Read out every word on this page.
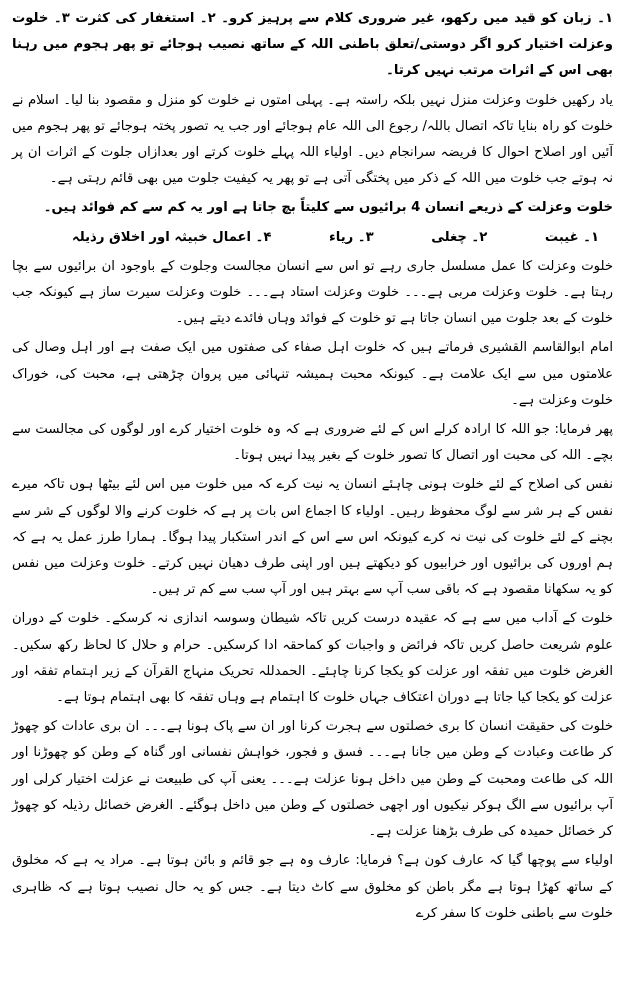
۱۔ زبان کو قید میں رکھو، غیر ضروری کلام سے پرہیز کرو۔ ۲۔ استغفار کی کثرت ۳۔ خلوت وعزلت اختیار کرو اگر دوستی/تعلق باطنی اللہ کے ساتھ نصیب ہوجائے تو پھر ہجوم میں رہنا بھی اس کے اثرات مرتب نہیں کرتا۔

یاد رکھیں خلوت وعزلت منزل نہیں بلکہ راستہ ہے۔ پہلی امتوں نے خلوت کو منزل و مقصود بنا لیا۔ اسلام نے خلوت کو راہ بنایا تاکہ اتصال باللہ/ رجوع الی اللہ عام ہوجائے اور جب یہ تصور پختہ ہوجائے تو پھر ہجوم میں آئیں اور اصلاح احوال کا فریضہ سرانجام دیں۔ اولیاء اللہ پہلے خلوت کرتے اور بعدازاں جلوت کے اثرات ان پر نہ ہوتے جب خلوت میں اللہ کے ذکر میں پختگی آتی ہے تو پھر یہ کیفیت جلوت میں بھی قائم رہتی ہے۔

خلوت وعزلت کے ذریعے انسان 4 برائیوں سے کلیتاً بچ جاتا ہے اور یہ کم سے کم فوائد ہیں۔

۱۔ غیبت
۲۔ چغلی
۳۔ ریاء
۴۔ اعمال خبیثہ اور اخلاق رذیلہ

خلوت وعزلت کا عمل مسلسل جاری رہے تو اس سے انسان مجالست وجلوت کے باوجود ان برائیوں سے بچا رہتا ہے۔ خلوت وعزلت مربی ہے۔۔۔ خلوت وعزلت استاد ہے۔۔۔ خلوت وعزلت سیرت ساز ہے کیونکہ جب خلوت کے بعد جلوت میں انسان جاتا ہے تو خلوت کے فوائد وہاں فائدے دیتے ہیں۔

امام ابوالقاسم القشیری فرماتے ہیں کہ خلوت اہل صفاء کی صفتوں میں ایک صفت ہے اور اہل وصال کی علامتوں میں سے ایک علامت ہے۔ کیونکہ محبت ہمیشہ تنہائی میں پروان چڑھتی ہے، محبت کی، خوراک خلوت وعزلت ہے۔

پھر فرمایا: جو اللہ کا ارادہ کرلے اس کے لئے ضروری ہے کہ وہ خلوت اختیار کرے اور لوگوں کی مجالست سے بچے۔ اللہ کی محبت اور اتصال کا تصور خلوت کے بغیر پیدا نہیں ہوتا۔

نفس کی اصلاح کے لئے خلوت ہونی چاہئے انسان یہ نیت کرے کہ میں خلوت میں اس لئے بیٹھا ہوں تاکہ میرے نفس کے ہر شر سے لوگ محفوظ رہیں۔ اولیاء کا اجماع اس بات پر ہے کہ خلوت کرنے والا لوگوں کے شر سے بچنے کے لئے خلوت کی نیت نہ کرے کیونکہ اس سے اس کے اندر استکبار پیدا ہوگا۔ ہمارا طرز عمل یہ ہے کہ ہم اوروں کی برائیوں اور خرابیوں کو دیکھتے ہیں اور اپنی طرف دھیان نہیں کرتے۔ خلوت وعزلت میں نفس کو یہ سکھانا مقصود ہے کہ باقی سب آپ سے بہتر ہیں اور آپ سب سے کم تر ہیں۔

خلوت کے آداب میں سے ہے کہ عقیدہ درست کریں تاکہ شیطان وسوسہ اندازی نہ کرسکے۔ خلوت کے دوران علوم شریعت حاصل کریں تاکہ فرائض و واجبات کو کماحقہ ادا کرسکیں۔ حرام و حلال کا لحاظ رکھ سکیں۔ الغرض خلوت میں تفقہ اور عزلت کو یکجا کرنا چاہئے۔ الحمدللہ تحریک منہاج القرآن کے زیر اہتمام تفقہ اور عزلت کو یکجا کیا جاتا ہے دوران اعتکاف جہاں خلوت کا اہتمام ہے وہاں تفقہ کا بھی اہتمام ہوتا ہے۔

خلوت کی حقیقت انسان کا بری خصلتوں سے ہجرت کرنا اور ان سے پاک ہونا ہے۔۔۔ ان بری عادات کو چھوڑ کر طاعت وعبادت کے وطن میں جانا ہے۔۔۔ فسق و فجور، خواہش نفسانی اور گناہ کے وطن کو چھوڑنا اور اللہ کی طاعت ومحبت کے وطن میں داخل ہونا عزلت ہے۔۔۔ یعنی آپ کی طبیعت نے عزلت اختیار کرلی اور آپ برائیوں سے الگ ہوکر نیکیوں اور اچھی خصلتوں کے وطن میں داخل ہوگئے۔ الغرض خصائل رذیلہ کو چھوڑ کر خصائل حمیدہ کی طرف بڑھنا عزلت ہے۔

اولیاء سے پوچھا گیا کہ عارف کون ہے؟ فرمایا: عارف وہ ہے جو قائم و بائن ہوتا ہے۔ مراد یہ ہے کہ مخلوق کے ساتھ کھڑا ہوتا ہے مگر باطن کو مخلوق سے کاٹ دیتا ہے۔ جس کو یہ حال نصیب ہوتا ہے کہ ظاہری خلوت سے باطنی خلوت کا سفر کرے
